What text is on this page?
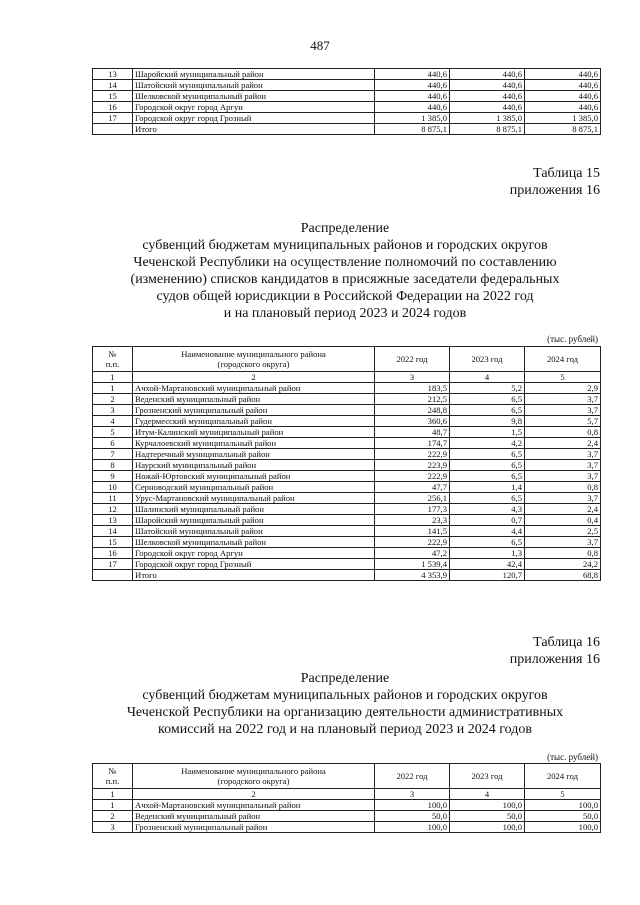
487
13	Шаройский муниципальный район	440,6	440,6	440,6
14	Шатойский муниципальный район	440,6	440,6	440,6
15	Шелковской муниципальный район	440,6	440,6	440,6
16	Городской округ город Аргун	440,6	440,6	440,6
17	Городской округ город Грозный	1 385,0	1 385,0	1 385,0
	Итого	8 875,1	8 875,1	8 875,1
Таблица 15
приложения 16
Распределение
субвенций бюджетам муниципальных районов и городских округов
Чеченской Республики на осуществление полномочий по составлению
(изменению) списков кандидатов в присяжные заседатели федеральных
судов общей юрисдикции в Российской Федерации на 2022 год
и на плановый период 2023 и 2024 годов
(тыс. рублей)
№
п.п.	Наименование муниципального района
(городского округа)	2022 год	2023 год	2024 год
1	2	3	4	5
1	Ачхой-Мартановский муниципальный район	183,5	5,2	2,9
2	Веденский муниципальный район	212,5	6,5	3,7
3	Грозненский муниципальный район	248,8	6,5	3,7
4	Гудермесский муниципальный район	360,6	9,8	5,7
5	Итум-Калинский муниципальный район	48,7	1,5	0,8
6	Курчалоевский муниципальный район	174,7	4,2	2,4
7	Надтеречный муниципальный район	222,9	6,5	3,7
8	Наурский муниципальный район	223,9	6,5	3,7
9	Ножай-Юртовский муниципальный район	222,9	6,5	3,7
10	Серноводский муниципальный район	47,7	1,4	0,8
11	Урус-Мартановский муниципальный район	256,1	6,5	3,7
12	Шалинский муниципальный район	177,3	4,3	2,4
13	Шаройский муниципальный район	23,3	0,7	0,4
14	Шатойский муниципальный район	141,5	4,4	2,5
15	Шелковской муниципальный район	222,9	6,5	3,7
16	Городской округ город Аргун	47,2	1,3	0,8
17	Городской округ город Грозный	1 539,4	42,4	24,2
	Итого	4 353,9	120,7	68,8
Таблица 16
приложения 16
Распределение
субвенций бюджетам муниципальных районов и городских округов
Чеченской Республики на организацию деятельности административных
комиссий на 2022 год и на плановый период 2023 и 2024 годов
(тыс. рублей)
№
п.п.	Наименование муниципального района
(городского округа)	2022 год	2023 год	2024 год
1	2	3	4	5
1	Ачхой-Мартановский муниципальный район	100,0	100,0	100,0
2	Веденский муниципальный район	50,0	50,0	50,0
3	Грозненский муниципальный район	100,0	100,0	100,0
